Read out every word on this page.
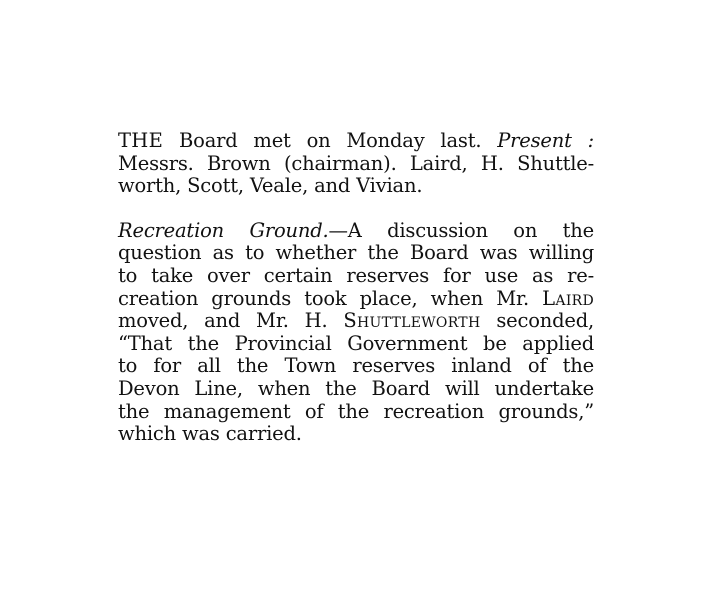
THE Board met on Monday last. Present :
Messrs. Brown (chairman). Laird, H. Shuttle-
worth, Scott, Veale, and Vivian.

Recreation Ground.—A discussion on the
question as to whether the Board was willing
to take over certain reserves for use as re-
creation grounds took place, when Mr. Laird
moved, and Mr. H. Shuttleworth seconded,
“That the Provincial Government be applied
to for all the Town reserves inland of the
Devon Line, when the Board will undertake
the management of the recreation grounds,”
which was carried.
